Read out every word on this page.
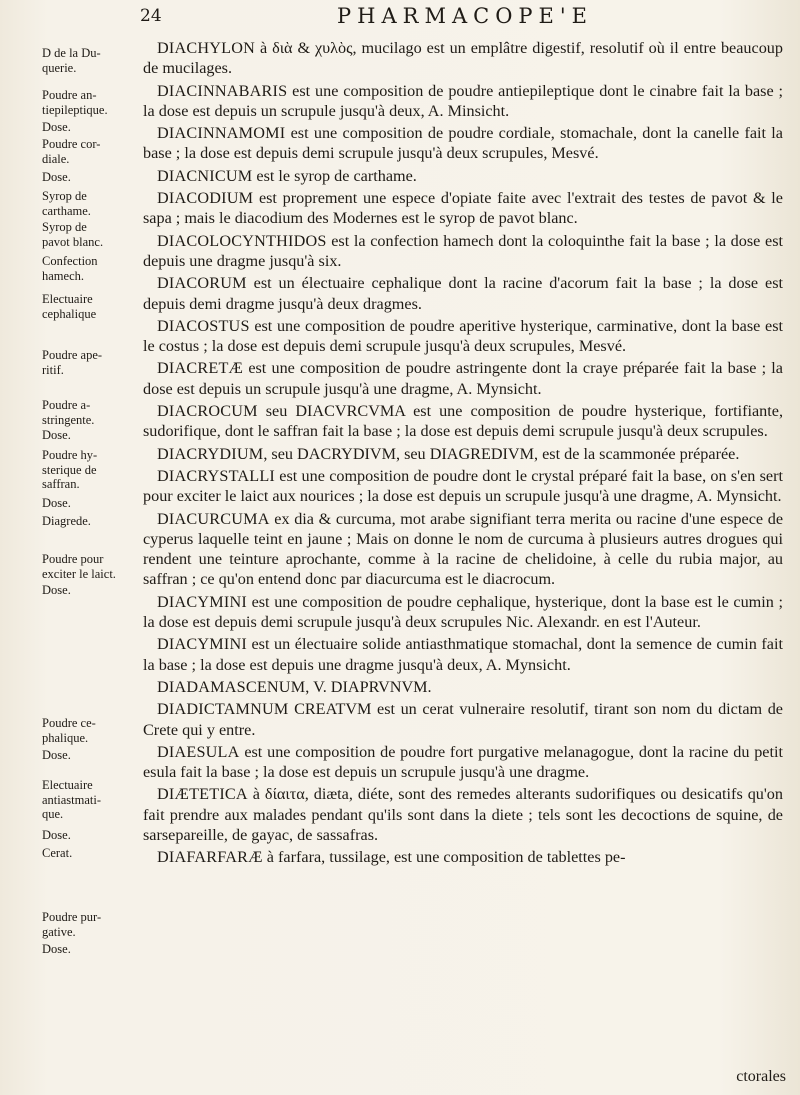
24	PHARMACOPE'E
D de la Du-
querie.
Poudre an-
tiepileptique.
Dose.
Poudre cor-
diale.
Dose.
Syrop de
carthame.
Syrop de
pavot blanc.
Confection
hamech.
Electuaire
cephalique
Poudre ape-
ritif.
Poudre a-
stringente.
Dose.
Poudre hy-
sterique de
saffran.
Dose.
Diagrede.
Poudre pour
exciter le laict.
Dose.
Poudre ce-
phalique.
Dose.
Electuaire
antiastmati-
que.
Dose.
Cerat.
Poudre pur-
gative.
Dose.

DIACHYLON à διὰ & χυλὸς, mucilago est un emplâtre digestif, resolutif où il entre beaucoup de mucilages.

DIACINNABARIS est une composition de poudre antiepileptique dont le cinabre fait la base ; la dose est depuis un scrupule jusqu'à deux, A. Minsicht.

DIACINNAMOMI est une composition de poudre cordiale, stomachale, dont la canelle fait la base ; la dose est depuis demi scrupule jusqu'à deux scrupules, Mesvé.

DIACNICUM est le syrop de carthame.

DIACODIUM est proprement une espece d'opiate faite avec l'extrait des testes de pavot & le sapa ; mais le diacodium des Modernes est le syrop de pavot blanc.

DIACOLOCYNTHIDOS est la confection hamech dont la coloquinthe fait la base ; la dose est depuis une dragme jusqu'à six.

DIACORUM est un électuaire cephalique dont la racine d'acorum fait la base ; la dose est depuis demi dragme jusqu'à deux dragmes.

DIACOSTUS est une composition de poudre aperitive hysterique, carminative, dont la base est le costus ; la dose est depuis demi scrupule jusqu'à deux scrupules, Mesvé.

DIACRETÆ est une composition de poudre astringente dont la craye préparée fait la base ; la dose est depuis un scrupule jusqu'à une dragme, A. Mynsicht.

DIACROCUM seu DIACVRCVMA est une composition de poudre hysterique, fortifiante, sudorifique, dont le saffran fait la base ; la dose est depuis demi scrupule jusqu'à deux scrupules.

DIACRYDIUM, seu DACRYDIVM, seu DIAGREDIVM, est de la scammonée préparée.

DIACRYSTALLI est une composition de poudre dont le crystal préparé fait la base, on s'en sert pour exciter le laict aux nourices ; la dose est depuis un scrupule jusqu'à une dragme, A. Mynsicht.

DIACURCUMA ex dia & curcuma, mot arabe signifiant terra merita ou racine d'une espece de cyperus laquelle teint en jaune ; Mais on donne le nom de curcuma à plusieurs autres drogues qui rendent une teinture aprochante, comme à la racine de chelidoine, à celle du rubia major, au saffran ; ce qu'on entend donc par diacurcuma est le diacrocum.

DIACYMINI est une composition de poudre cephalique, hysterique, dont la base est le cumin ; la dose est depuis demi scrupule jusqu'à deux scrupules Nic. Alexandr. en est l'Auteur.

DIACYMINI est un électuaire solide antiasthmatique stomachal, dont la semence de cumin fait la base ; la dose est depuis une dragme jusqu'à deux, A. Mynsicht.

DIADAMASCENUM, V. DIAPRVNVM.

DIADICTAMNUM CREATVM est un cerat vulneraire resolutif, tirant son nom du dictam de Crete qui y entre.

DIAESULA est une composition de poudre fort purgative melanagogue, dont la racine du petit esula fait la base ; la dose est depuis un scrupule jusqu'à une dragme.

DIÆTETICA à δίαιτα, diæta, diéte, sont des remedes alterants sudorifiques ou desicatifs qu'on fait prendre aux malades pendant qu'ils sont dans la diete ; tels sont les decoctions de squine, de sarsepareille, de gayac, de sassafras.

DIAFARFARÆ à farfara, tussilage, est une composition de tablettes pe-

ctorales
